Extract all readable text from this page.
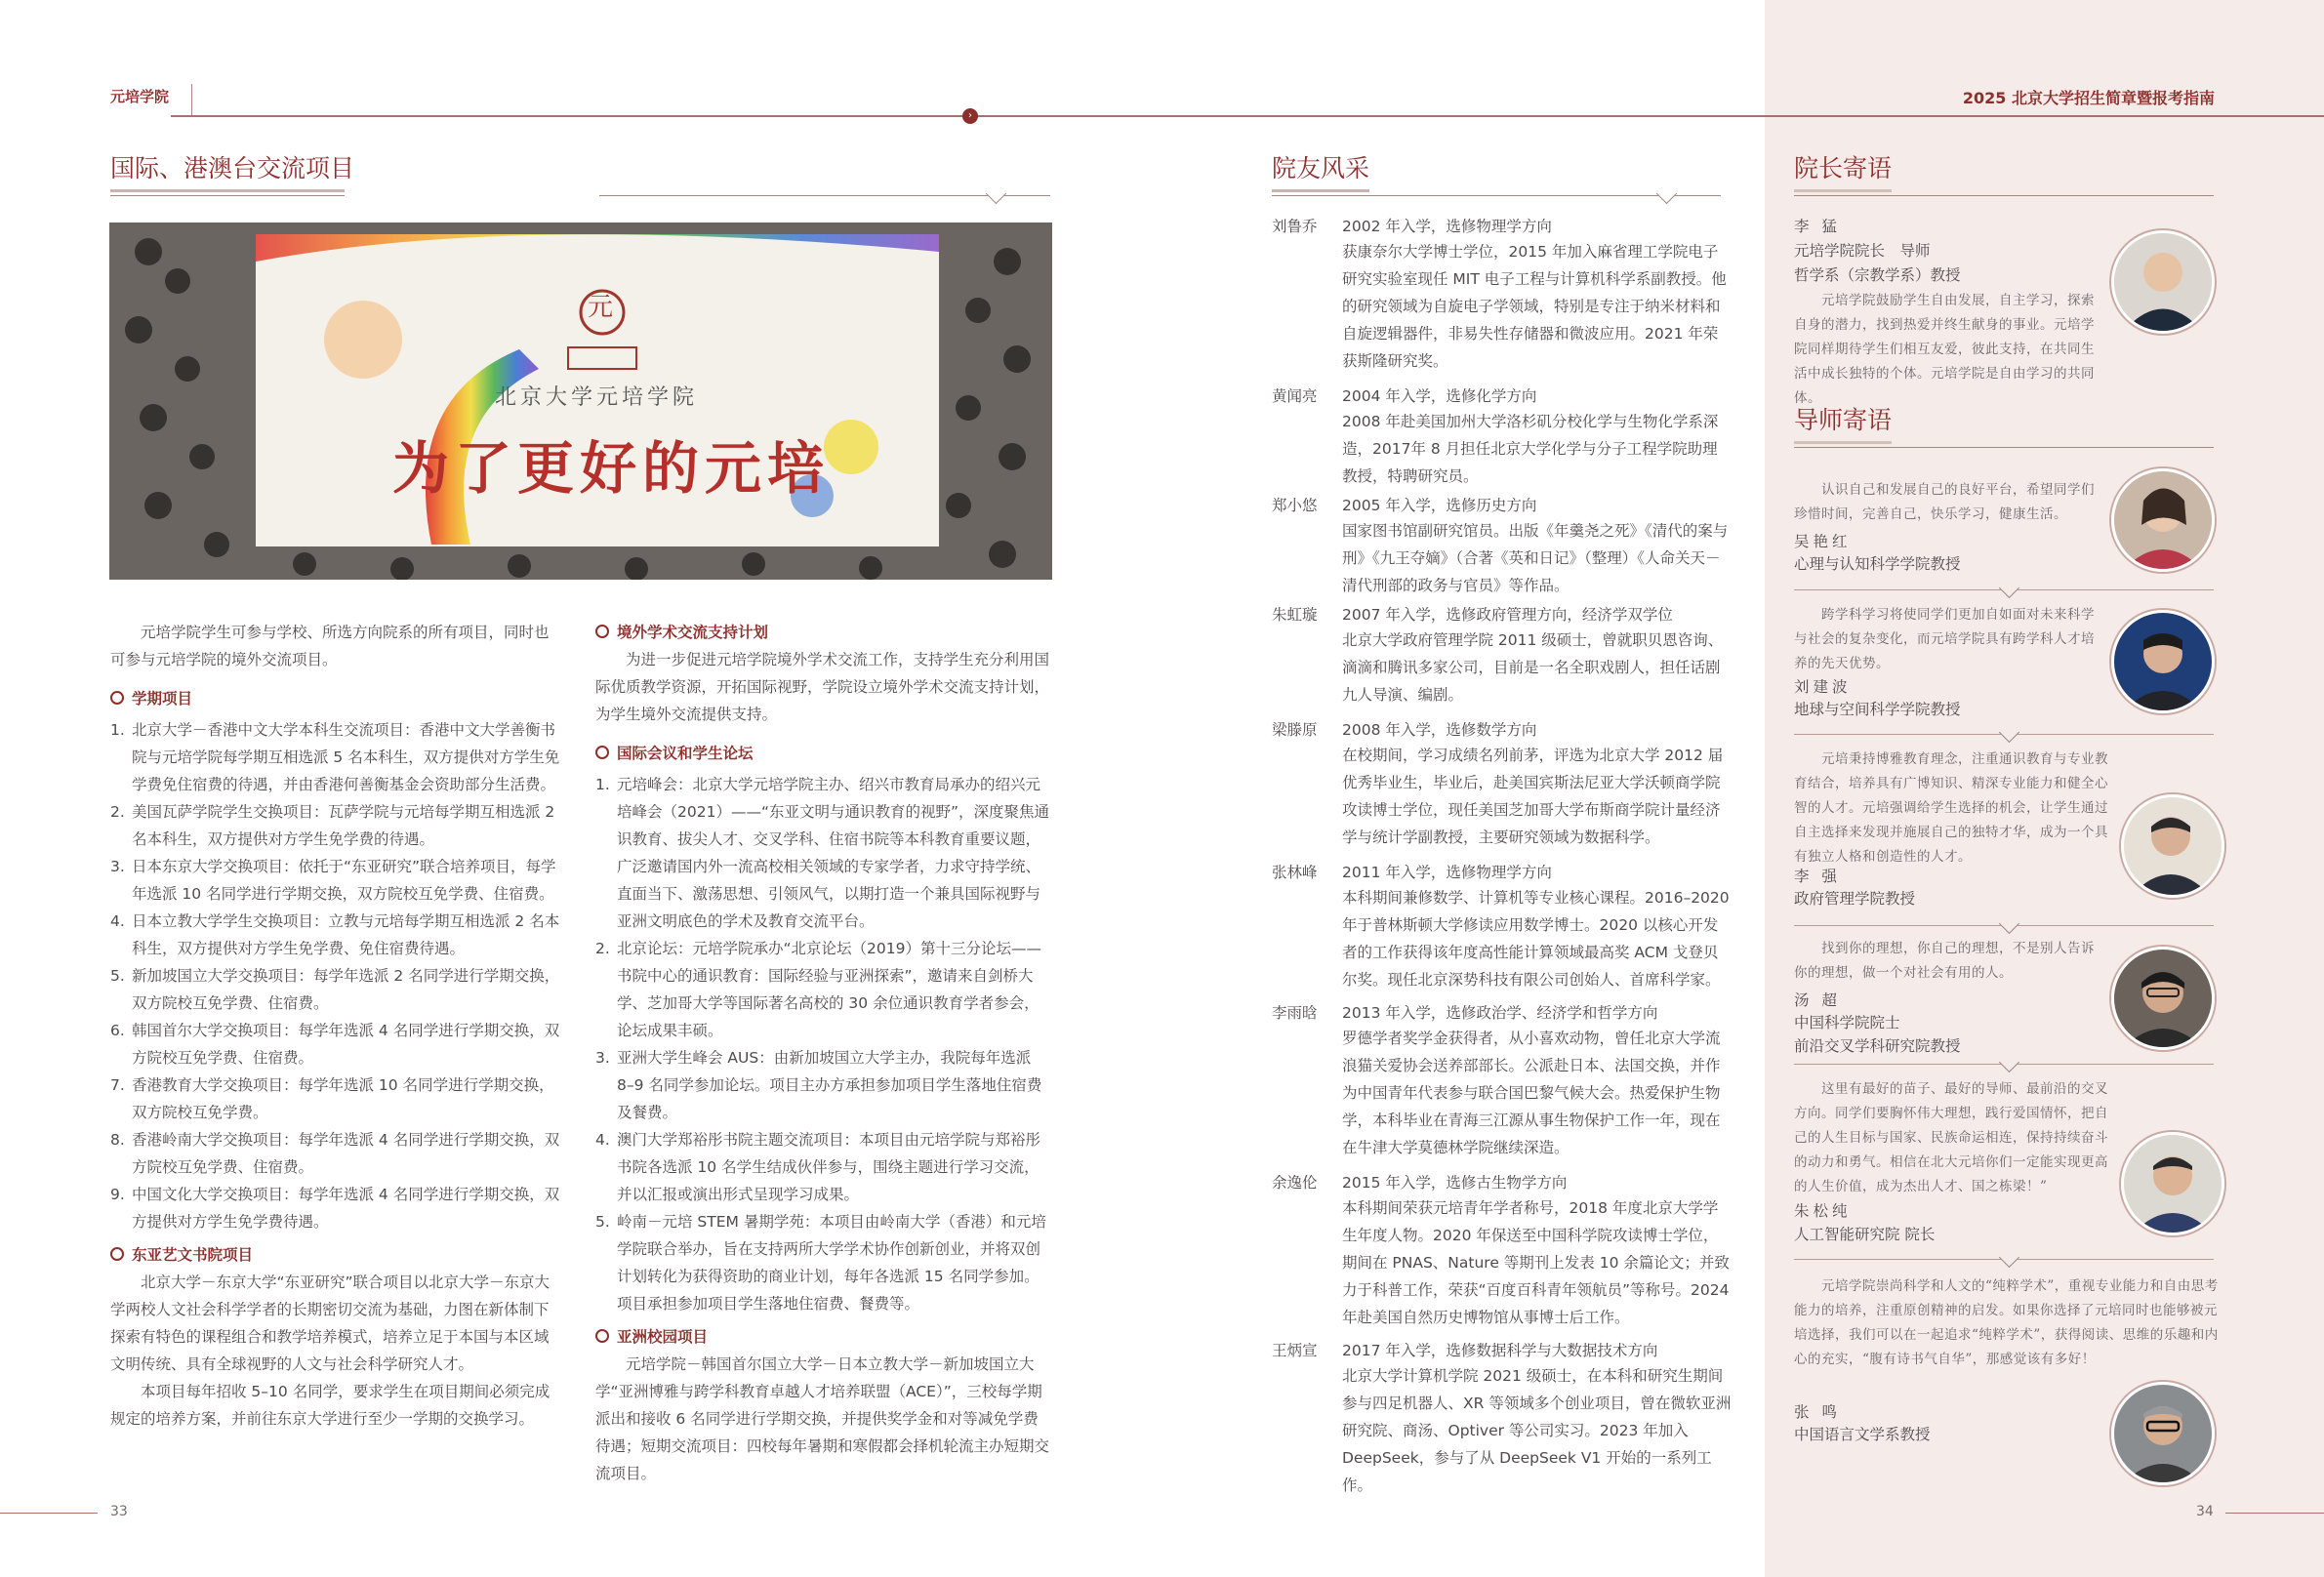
元培学院	2025 北京大学招生简章暨报考指南
›
国际、港澳台交流项目
元
北京大学元培学院
为了更好的元培
元培学院学生可参与学校、所选方向院系的所有项目，同时也可参与元培学院的境外交流项目。
学期项目
1. 北京大学－香港中文大学本科生交流项目：香港中文大学善衡书院与元培学院每学期互相选派 5 名本科生，双方提供对方学生免学费免住宿费的待遇，并由香港何善衡基金会资助部分生活费。
2. 美国瓦萨学院学生交换项目：瓦萨学院与元培每学期互相选派 2 名本科生，双方提供对方学生免学费的待遇。
3. 日本东京大学交换项目：依托于“东亚研究”联合培养项目，每学年选派 10 名同学进行学期交换，双方院校互免学费、住宿费。
4. 日本立教大学学生交换项目：立教与元培每学期互相选派 2 名本科生，双方提供对方学生免学费、免住宿费待遇。
5. 新加坡国立大学交换项目：每学年选派 2 名同学进行学期交换，双方院校互免学费、住宿费。
6. 韩国首尔大学交换项目：每学年选派 4 名同学进行学期交换，双方院校互免学费、住宿费。
7. 香港教育大学交换项目：每学年选派 10 名同学进行学期交换，双方院校互免学费。
8. 香港岭南大学交换项目：每学年选派 4 名同学进行学期交换，双方院校互免学费、住宿费。
9. 中国文化大学交换项目：每学年选派 4 名同学进行学期交换，双方提供对方学生免学费待遇。
东亚艺文书院项目
北京大学－东京大学“东亚研究”联合项目以北京大学－东京大学两校人文社会科学学者的长期密切交流为基础，力图在新体制下探索有特色的课程组合和教学培养模式，培养立足于本国与本区域文明传统、具有全球视野的人文与社会科学研究人才。
本项目每年招收 5–10 名同学，要求学生在项目期间必须完成规定的培养方案，并前往东京大学进行至少一学期的交换学习。
境外学术交流支持计划
为进一步促进元培学院境外学术交流工作，支持学生充分利用国际优质教学资源，开拓国际视野，学院设立境外学术交流支持计划，为学生境外交流提供支持。
国际会议和学生论坛
1. 元培峰会：北京大学元培学院主办、绍兴市教育局承办的绍兴元培峰会（2021）——“东亚文明与通识教育的视野”，深度聚焦通识教育、拔尖人才、交叉学科、住宿书院等本科教育重要议题，广泛邀请国内外一流高校相关领域的专家学者，力求守持学统、直面当下、激荡思想、引领风气，以期打造一个兼具国际视野与亚洲文明底色的学术及教育交流平台。
2. 北京论坛：元培学院承办“北京论坛（2019）第十三分论坛——书院中心的通识教育：国际经验与亚洲探索”，邀请来自剑桥大学、芝加哥大学等国际著名高校的 30 余位通识教育学者参会，论坛成果丰硕。
3. 亚洲大学生峰会 AUS：由新加坡国立大学主办，我院每年选派 8–9 名同学参加论坛。项目主办方承担参加项目学生落地住宿费及餐费。
4. 澳门大学郑裕彤书院主题交流项目：本项目由元培学院与郑裕彤书院各选派 10 名学生结成伙伴参与，围绕主题进行学习交流，并以汇报或演出形式呈现学习成果。
5. 岭南－元培 STEM 暑期学苑：本项目由岭南大学（香港）和元培学院联合举办，旨在支持两所大学学术协作创新创业，并将双创计划转化为获得资助的商业计划，每年各选派 15 名同学参加。项目承担参加项目学生落地住宿费、餐费等。
亚洲校园项目
元培学院－韩国首尔国立大学－日本立教大学－新加坡国立大学“亚洲博雅与跨学科教育卓越人才培养联盟（ACE）”，三校每学期派出和接收 6 名同学进行学期交换，并提供奖学金和对等减免学费待遇；短期交流项目：四校每年暑期和寒假都会择机轮流主办短期交流项目。
33
院友风采
刘鲁乔	2002 年入学，选修物理学方向
获康奈尔大学博士学位，2015 年加入麻省理工学院电子研究实验室现任 MIT 电子工程与计算机科学系副教授。他的研究领域为自旋电子学领域，特别是专注于纳米材料和自旋逻辑器件，非易失性存储器和微波应用。2021 年荣获斯隆研究奖。
黄闻亮	2004 年入学，选修化学方向
2008 年赴美国加州大学洛杉矶分校化学与生物化学系深造，2017年 8 月担任北京大学化学与分子工程学院助理教授，特聘研究员。
郑小悠	2005 年入学，选修历史方向
国家图书馆副研究馆员。出版《年羹尧之死》《清代的案与刑》《九王夺嫡》（合著《英和日记》（整理）《人命关天－清代刑部的政务与官员》等作品。
朱虹璇	2007 年入学，选修政府管理方向，经济学双学位
北京大学政府管理学院 2011 级硕士，曾就职贝恩咨询、滴滴和腾讯多家公司，目前是一名全职戏剧人，担任话剧九人导演、编剧。
梁滕原	2008 年入学，选修数学方向
在校期间，学习成绩名列前茅，评选为北京大学 2012 届优秀毕业生，毕业后，赴美国宾斯法尼亚大学沃顿商学院攻读博士学位，现任美国芝加哥大学布斯商学院计量经济学与统计学副教授，主要研究领域为数据科学。
张林峰	2011 年入学，选修物理学方向
本科期间兼修数学、计算机等专业核心课程。2016–2020 年于普林斯顿大学修读应用数学博士。2020 以核心开发者的工作获得该年度高性能计算领域最高奖 ACM 戈登贝尔奖。现任北京深势科技有限公司创始人、首席科学家。
李雨晗	2013 年入学，选修政治学、经济学和哲学方向
罗德学者奖学金获得者，从小喜欢动物，曾任北京大学流浪猫关爱协会送养部部长。公派赴日本、法国交换，并作为中国青年代表参与联合国巴黎气候大会。热爱保护生物学，本科毕业在青海三江源从事生物保护工作一年，现在在牛津大学莫德林学院继续深造。
余逸伦	2015 年入学，选修古生物学方向
本科期间荣获元培青年学者称号，2018 年度北京大学学生年度人物。2020 年保送至中国科学院攻读博士学位，期间在 PNAS、Nature 等期刊上发表 10 余篇论文；并致力于科普工作，荣获“百度百科青年领航员”等称号。2024 年赴美国自然历史博物馆从事博士后工作。
王炳宣	2017 年入学，选修数据科学与大数据技术方向
北京大学计算机学院 2021 级硕士，在本科和研究生期间参与四足机器人、XR 等领域多个创业项目，曾在微软亚洲研究院、商汤、Optiver 等公司实习。2023 年加入 DeepSeek，参与了从 DeepSeek V1 开始的一系列工作。
院长寄语
李 猛
元培学院院长　导师
哲学系（宗教学系）教授
元培学院鼓励学生自由发展，自主学习，探索自身的潜力，找到热爱并终生献身的事业。元培学院同样期待学生们相互友爱，彼此支持，在共同生活中成长独特的个体。元培学院是自由学习的共同体。
导师寄语
认识自己和发展自己的良好平台，希望同学们珍惜时间，完善自己，快乐学习，健康生活。
吴艳红
心理与认知科学学院教授
跨学科学习将使同学们更加自如面对未来科学与社会的复杂变化，而元培学院具有跨学科人才培养的先天优势。
刘建波
地球与空间科学学院教授
元培秉持博雅教育理念，注重通识教育与专业教育结合，培养具有广博知识、精深专业能力和健全心智的人才。元培强调给学生选择的机会，让学生通过自主选择来发现并施展自己的独特才华，成为一个具有独立人格和创造性的人才。
李 强
政府管理学院教授
找到你的理想，你自己的理想，不是别人告诉你的理想，做一个对社会有用的人。
汤 超
中国科学院院士
前沿交叉学科研究院教授
这里有最好的苗子、最好的导师、最前沿的交叉方向。同学们要胸怀伟大理想，践行爱国情怀，把自己的人生目标与国家、民族命运相连，保持持续奋斗的动力和勇气。相信在北大元培你们一定能实现更高的人生价值，成为杰出人才、国之栋梁！”
朱松纯
人工智能研究院 院长
元培学院崇尚科学和人文的“纯粹学术”，重视专业能力和自由思考能力的培养，注重原创精神的启发。如果你选择了元培同时也能够被元培选择，我们可以在一起追求“纯粹学术”，获得阅读、思维的乐趣和内心的充实，“腹有诗书气自华”，那感觉该有多好！
张 鸣
中国语言文学系教授
34
